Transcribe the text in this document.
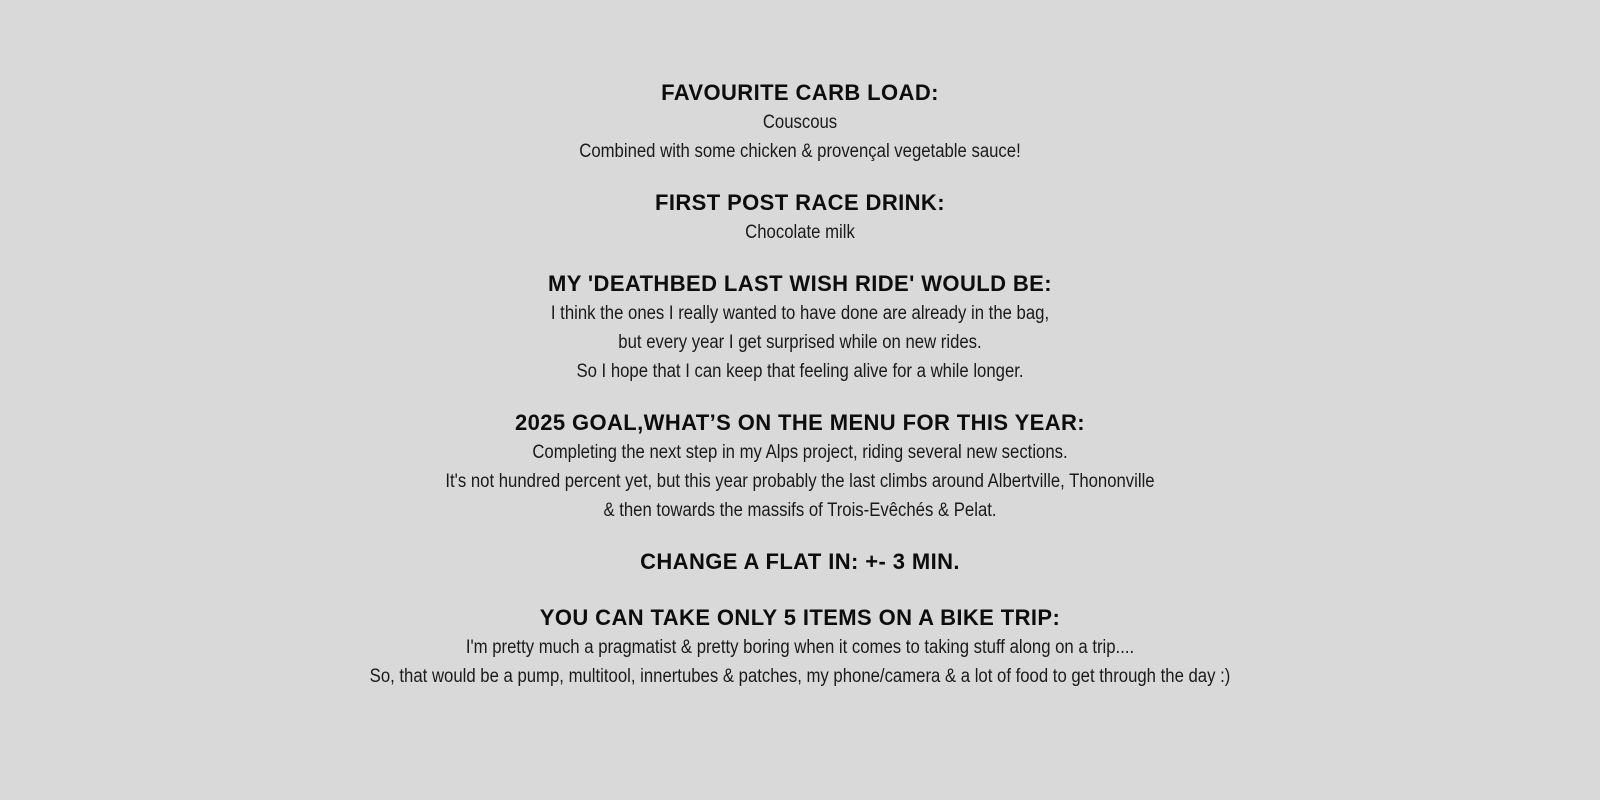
FAVOURITE CARB LOAD:

Couscous

Combined with some chicken & provençal vegetable sauce!

FIRST POST RACE DRINK:

Chocolate milk

MY 'DEATHBED LAST WISH RIDE' WOULD BE:

I think the ones I really wanted to have done are already in the bag,

but every year I get surprised while on new rides.

So I hope that I can keep that feeling alive for a while longer.

2025 GOAL,WHAT’S ON THE MENU FOR THIS YEAR:

Completing the next step in my Alps project, riding several new sections.

It's not hundred percent yet, but this year probably the last climbs around Albertville, Thononville

& then towards the massifs of Trois-Evêchés & Pelat.

CHANGE A FLAT IN: +- 3 MIN.
YOU CAN TAKE ONLY 5 ITEMS ON A BIKE TRIP:

I'm pretty much a pragmatist & pretty boring when it comes to taking stuff along on a trip....

So, that would be a pump, multitool, innertubes & patches, my phone/camera & a lot of food to get through the day :)
